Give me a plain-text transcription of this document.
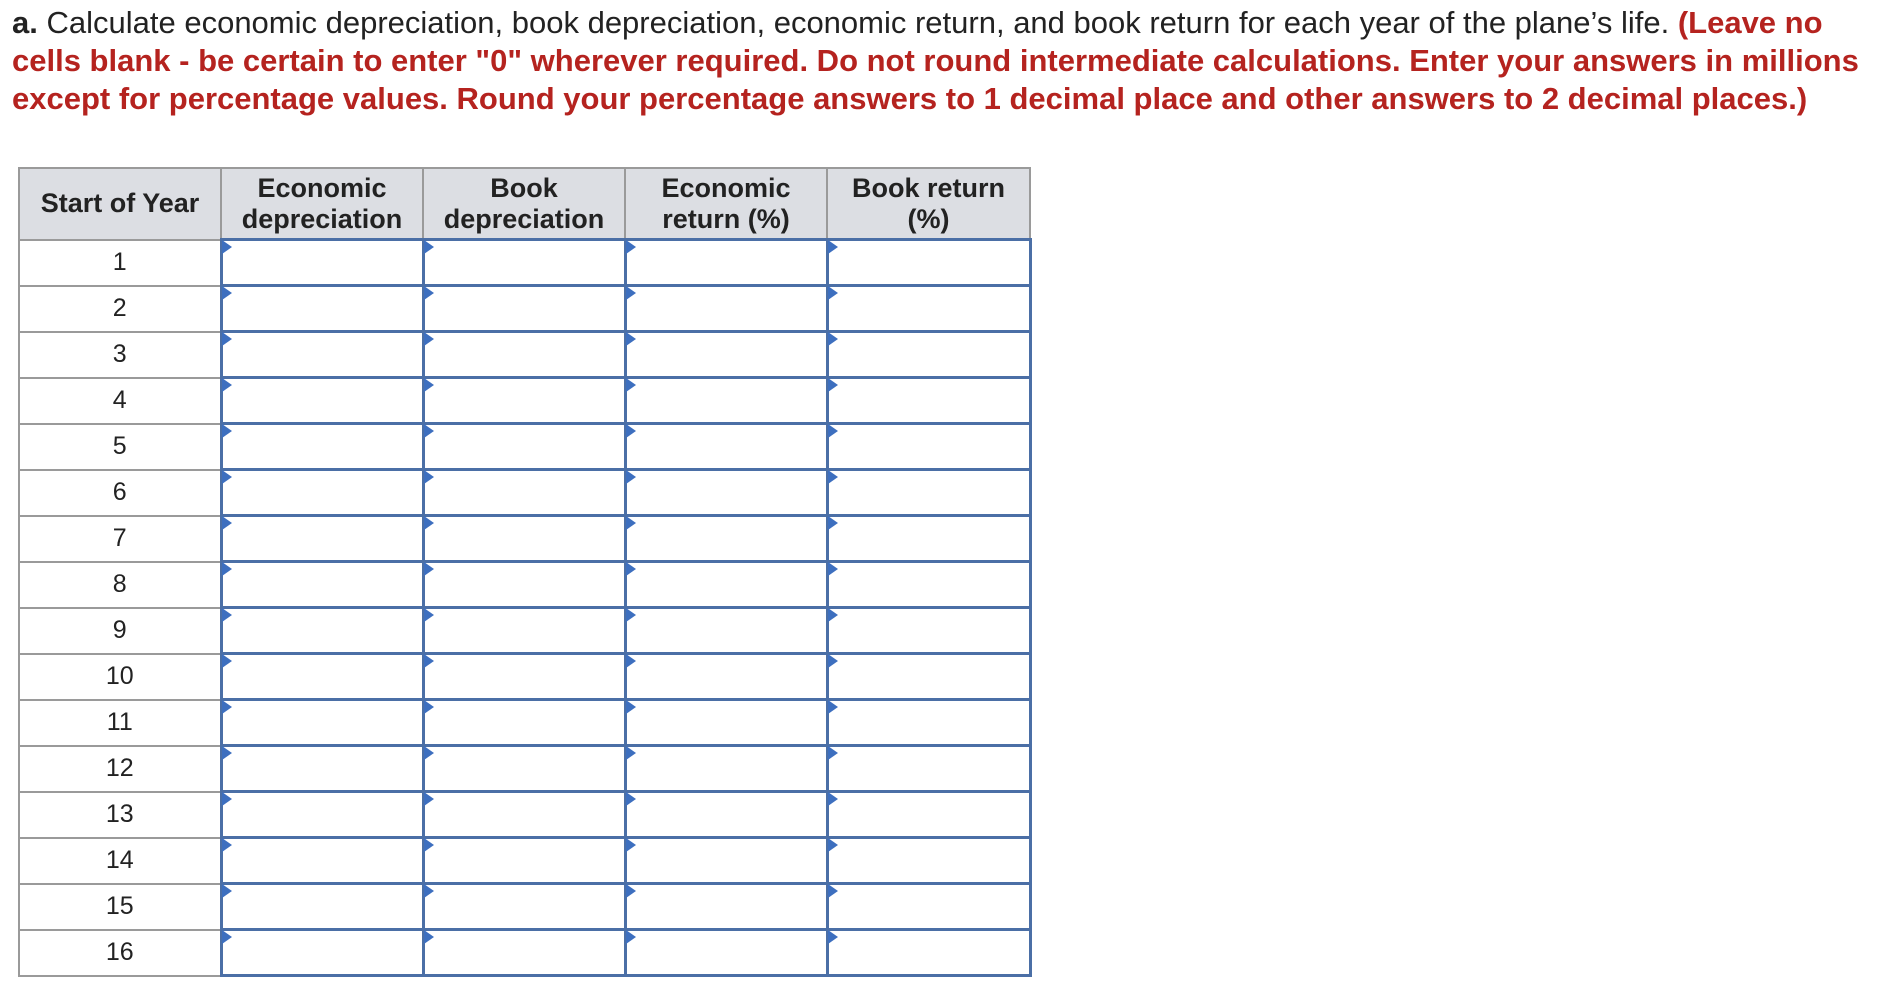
a. Calculate economic depreciation, book depreciation, economic return, and book return for each year of the plane’s life. (Leave no cells blank - be certain to enter "0" wherever required. Do not round intermediate calculations. Enter your answers in millions except for percentage values. Round your percentage answers to 1 decimal place and other answers to 2 decimal places.)

Start of Year	Economic depreciation	Book depreciation	Economic return (%)	Book return (%)
1	

2	

3	

4	

5	

6	

7	

8	

9	

10	

11	

12	

13	

14	

15	

16	
